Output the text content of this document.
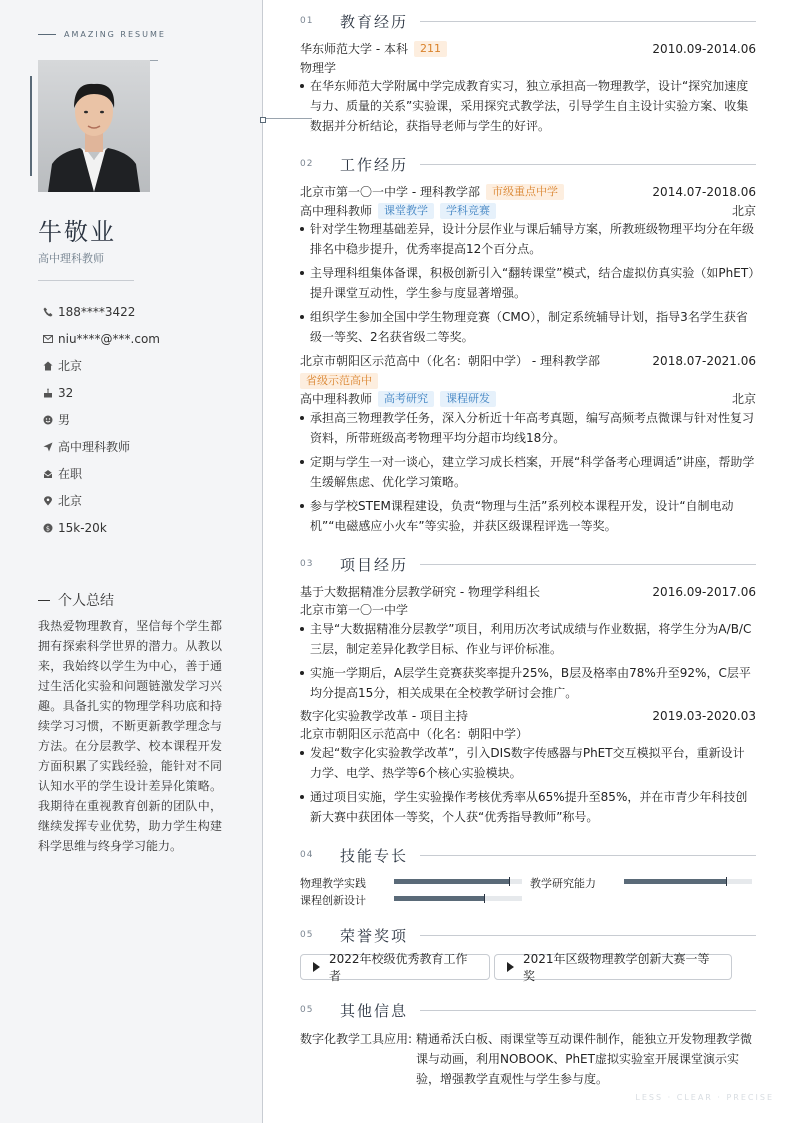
AMAZING RESUME
牛敬业
高中理科教师
188****3422
niu****@***.com
北京
32
男
高中理科教师
在职
北京
$ 15k-20k
个人总结
我热爱物理教育，坚信每个学生都拥有探索科学世界的潜力。从教以来，我始终以学生为中心，善于通过生活化实验和问题链激发学习兴趣。具备扎实的物理学科功底和持续学习习惯，不断更新教学理念与方法。在分层教学、校本课程开发方面积累了实践经验，能针对不同认知水平的学生设计差异化策略。我期待在重视教育创新的团队中，继续发挥专业优势，助力学生构建科学思维与终身学习能力。
01	教育经历
华东师范大学 - 本科	211	2010.09-2014.06
物理学
在华东师范大学附属中学完成教育实习，独立承担高一物理教学，设计“探究加速度与力、质量的关系”实验课，采用探究式教学法，引导学生自主设计实验方案、收集数据并分析结论，获指导老师与学生的好评。
02	工作经历
北京市第一〇一中学 - 理科教学部	市级重点中学	2014.07-2018.06
高中理科教师	课堂教学	学科竞赛	北京
针对学生物理基础差异，设计分层作业与课后辅导方案，所教班级物理平均分在年级排名中稳步提升，优秀率提高12个百分点。
主导理科组集体备课，积极创新引入“翻转课堂”模式，结合虚拟仿真实验（如PhET）提升课堂互动性，学生参与度显著增强。
组织学生参加全国中学生物理竞赛（CMO），制定系统辅导计划，指导3名学生获省级一等奖、2名获省级二等奖。
北京市朝阳区示范高中（化名：朝阳中学） - 理科教学部	2018.07-2021.06
省级示范高中
高中理科教师	高考研究	课程研发	北京
承担高三物理教学任务，深入分析近十年高考真题，编写高频考点微课与针对性复习资料，所带班级高考物理平均分超市均线18分。
定期与学生一对一谈心，建立学习成长档案，开展“科学备考心理调适”讲座，帮助学生缓解焦虑、优化学习策略。
参与学校STEM课程建设，负责“物理与生活”系列校本课程开发，设计“自制电动机”“电磁感应小火车”等实验，并获区级课程评选一等奖。
03	项目经历
基于大数据精准分层教学研究 - 物理学科组长	2016.09-2017.06
北京市第一〇一中学
主导“大数据精准分层教学”项目，利用历次考试成绩与作业数据，将学生分为A/B/C三层，制定差异化教学目标、作业与评价标准。
实施一学期后，A层学生竞赛获奖率提升25%，B层及格率由78%升至92%，C层平均分提高15分，相关成果在全校教学研讨会推广。
数字化实验教学改革 - 项目主持	2019.03-2020.03
北京市朝阳区示范高中（化名：朝阳中学）
发起“数字化实验教学改革”，引入DIS数字传感器与PhET交互模拟平台，重新设计力学、电学、热学等6个核心实验模块。
通过项目实施，学生实验操作考核优秀率从65%提升至85%，并在市青少年科技创新大赛中获团体一等奖，个人获“优秀指导教师”称号。
04	技能专长
物理教学实践	教学研究能力
课程创新设计
05	荣誉奖项
2022年校级优秀教育工作者
2021年区级物理教学创新大赛一等奖
05	其他信息
数字化教学工具应用: 精通希沃白板、雨课堂等互动课件制作，能独立开发物理教学微课与动画，利用NOBOOK、PhET虚拟实验室开展课堂演示实验，增强教学直观性与学生参与度。
LESS · CLEAR · PRECISE
